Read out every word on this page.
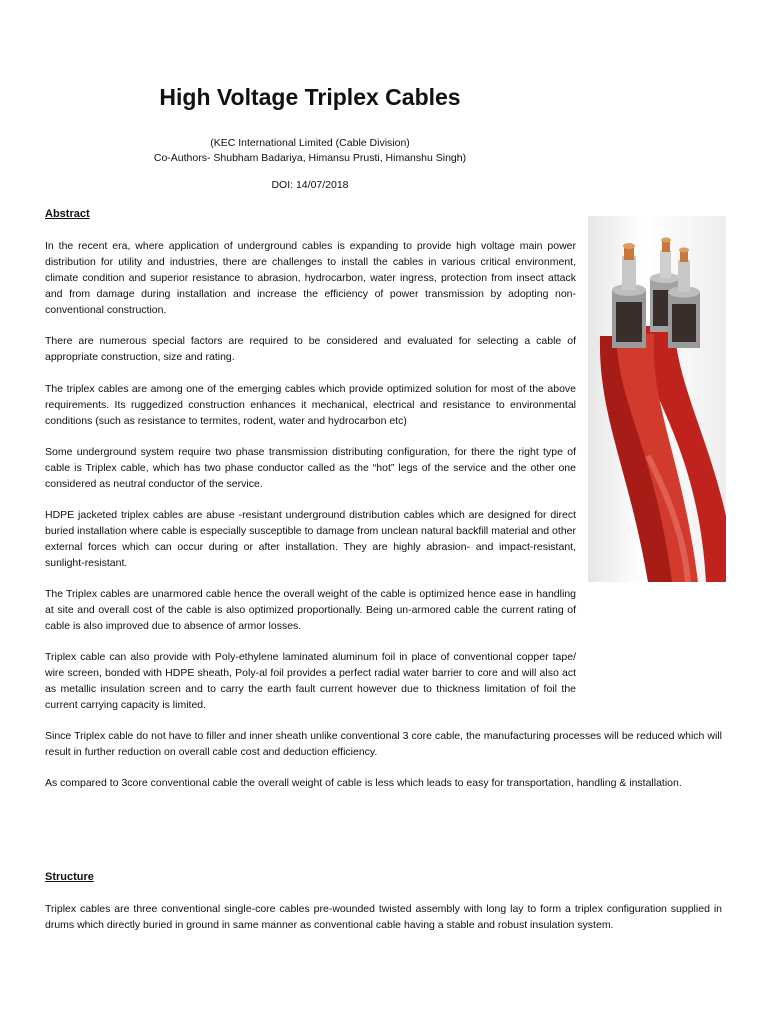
High Voltage Triplex Cables
(KEC International Limited (Cable Division)
Co-Authors- Shubham Badariya, Himansu Prusti, Himanshu Singh)
DOI: 14/07/2018
Abstract

In the recent era, where application of underground cables is expanding to provide high voltage main power distribution for utility and industries, there are challenges to install the cables in various critical environment, climate condition and superior resistance to abrasion, hydrocarbon, water ingress, protection from insect attack and from damage during installation and increase the efficiency of power transmission by adopting non-conventional construction.

There are numerous special factors are required to be considered and evaluated for selecting a cable of appropriate construction, size and rating.

The triplex cables are among one of the emerging cables which provide optimized solution for most of the above requirements. Its ruggedized construction enhances it mechanical, electrical and resistance to environmental conditions (such as resistance to termites, rodent, water and hydrocarbon etc)

Some underground system require two phase transmission distributing configuration, for there the right type of cable is Triplex cable, which has two phase conductor called as the “hot” legs of the service and the other one considered as neutral conductor of the service.

HDPE jacketed triplex cables are abuse -resistant underground distribution cables which are designed for direct buried installation where cable is especially susceptible to damage from unclean natural backfill material and other external forces which can occur during or after installation. They are highly abrasion- and impact-resistant, sunlight-resistant.

The Triplex cables are unarmored cable hence the overall weight of the cable is optimized hence ease in handling at site and overall cost of the cable is also optimized proportionally. Being un-armored cable the current rating of cable is also improved due to absence of armor losses.

Triplex cable can also provide with Poly-ethylene laminated aluminum foil in place of conventional copper tape/ wire screen, bonded with HDPE sheath, Poly-al foil provides a perfect radial water barrier to core and will also act as metallic insulation screen and to carry the earth fault current however due to thickness limitation of foil the current carrying capacity is limited.

Since Triplex cable do not have to filler and inner sheath unlike conventional 3 core cable, the manufacturing processes will be reduced which will result in further reduction on overall cable cost and deduction efficiency.

As compared to 3core conventional cable the overall weight of cable is less which leads to easy for transportation, handling & installation.

Structure

Triplex cables are three conventional single-core cables pre-wounded twisted assembly with long lay to form a triplex configuration supplied in drums which directly buried in ground in same manner as conventional cable having a stable and robust insulation system.
